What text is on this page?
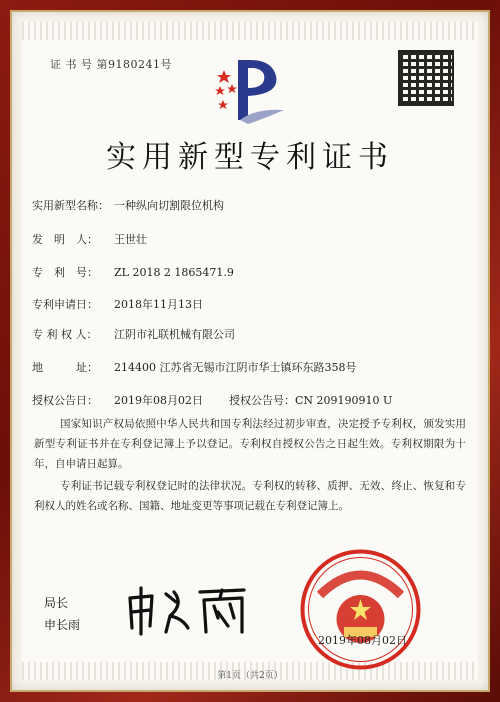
证 书 号 第9180241号
实用新型专利证书
实用新型名称： 一种纵向切割限位机构
发　明　人： 王世壮
专　利　号： ZL 2018 2 1865471.9
专利申请日： 2018年11月13日
专 利 权 人： 江阴市礼联机械有限公司
地　　　址： 214400 江苏省无锡市江阴市华士镇环东路358号
授权公告日： 2019年08月02日 授权公告号：CN 209190910 U
国家知识产权局依照中华人民共和国专利法经过初步审查，决定授予专利权，颁发实用新型专利证书并在专利登记簿上予以登记。专利权自授权公告之日起生效。专利权期限为十年，自申请日起算。
专利证书记载专利权登记时的法律状况。专利权的转移、质押、无效、终止、恢复和专利权人的姓名或名称、国籍、地址变更等事项记载在专利登记簿上。
局长
申长雨
2019年08月02日
第1页（共2页）
